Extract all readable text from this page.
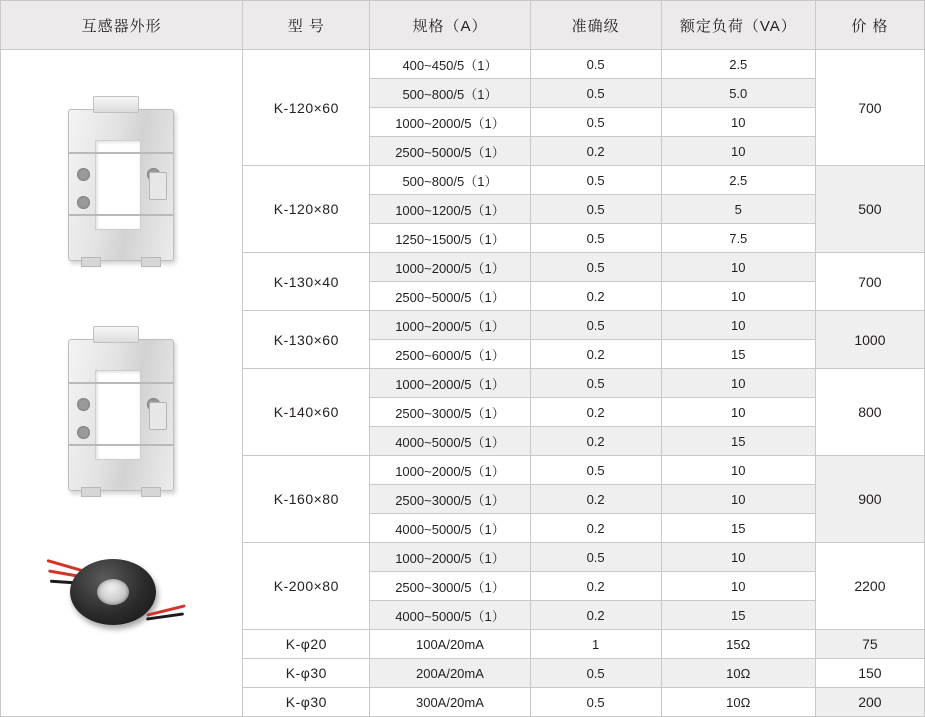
互感器外形	型 号	规格（A）	准确级	额定负荷（VA）	价 格

	K-120×60	400~450/5（1）	0.5	2.5	700
		500~800/5（1）	0.5	5.0	
		1000~2000/5（1）	0.5	10	
		2500~5000/5（1）	0.2	10	
	K-120×80	500~800/5（1）	0.5	2.5	500
		1000~1200/5（1）	0.5	5	
		1250~1500/5（1）	0.5	7.5	
	K-130×40	1000~2000/5（1）	0.5	10	700
		2500~5000/5（1）	0.2	10	
	K-130×60	1000~2000/5（1）	0.5	10	1000
		2500~6000/5（1）	0.2	15	
	K-140×60	1000~2000/5（1）	0.5	10	800
		2500~3000/5（1）	0.2	10	
		4000~5000/5（1）	0.2	15	
	K-160×80	1000~2000/5（1）	0.5	10	900
		2500~3000/5（1）	0.2	10	
		4000~5000/5（1）	0.2	15	
	K-200×80	1000~2000/5（1）	0.5	10	2200
		2500~3000/5（1）	0.2	10	
		4000~5000/5（1）	0.2	15	
	K-φ20	100A/20mA	1	15Ω	75
	K-φ30	200A/20mA	0.5	10Ω	150
	K-φ30	300A/20mA	0.5	10Ω	200
